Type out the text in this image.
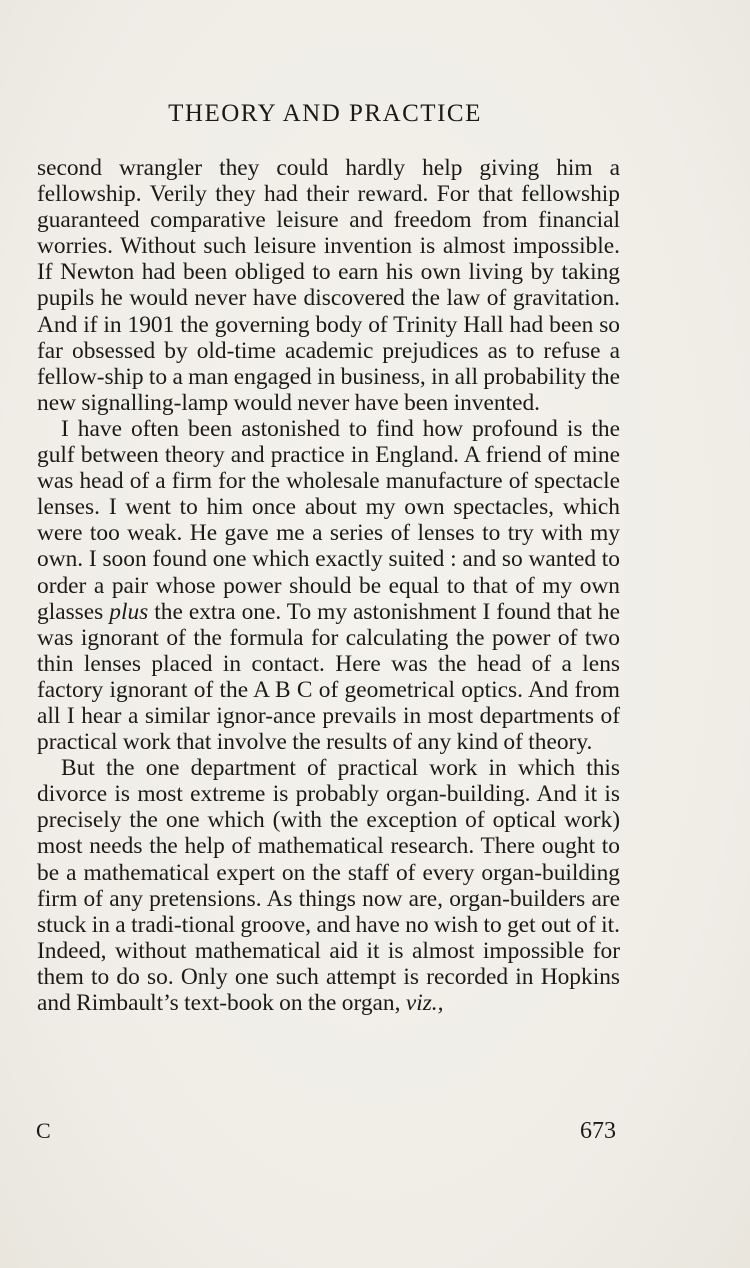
THEORY AND PRACTICE

second wrangler they could hardly help giving him a fellowship. Verily they had their reward. For that fellowship guaranteed comparative leisure and freedom from financial worries. Without such leisure invention is almost impossible. If Newton had been obliged to earn his own living by taking pupils he would never have discovered the law of gravitation. And if in 1901 the governing body of Trinity Hall had been so far obsessed by old-time academic prejudices as to refuse a fellow-ship to a man engaged in business, in all probability the new signalling-lamp would never have been invented.

I have often been astonished to find how profound is the gulf between theory and practice in England. A friend of mine was head of a firm for the wholesale manufacture of spectacle lenses. I went to him once about my own spectacles, which were too weak. He gave me a series of lenses to try with my own. I soon found one which exactly suited : and so wanted to order a pair whose power should be equal to that of my own glasses plus the extra one. To my astonishment I found that he was ignorant of the formula for calculating the power of two thin lenses placed in contact. Here was the head of a lens factory ignorant of the A B C of geometrical optics. And from all I hear a similar ignor-ance prevails in most departments of practical work that involve the results of any kind of theory.

But the one department of practical work in which this divorce is most extreme is probably organ-building. And it is precisely the one which (with the exception of optical work) most needs the help of mathematical research. There ought to be a mathematical expert on the staff of every organ-building firm of any pretensions. As things now are, organ-builders are stuck in a tradi-tional groove, and have no wish to get out of it. Indeed, without mathematical aid it is almost impossible for them to do so. Only one such attempt is recorded in Hopkins and Rimbault’s text-book on the organ, viz.,

C	673
